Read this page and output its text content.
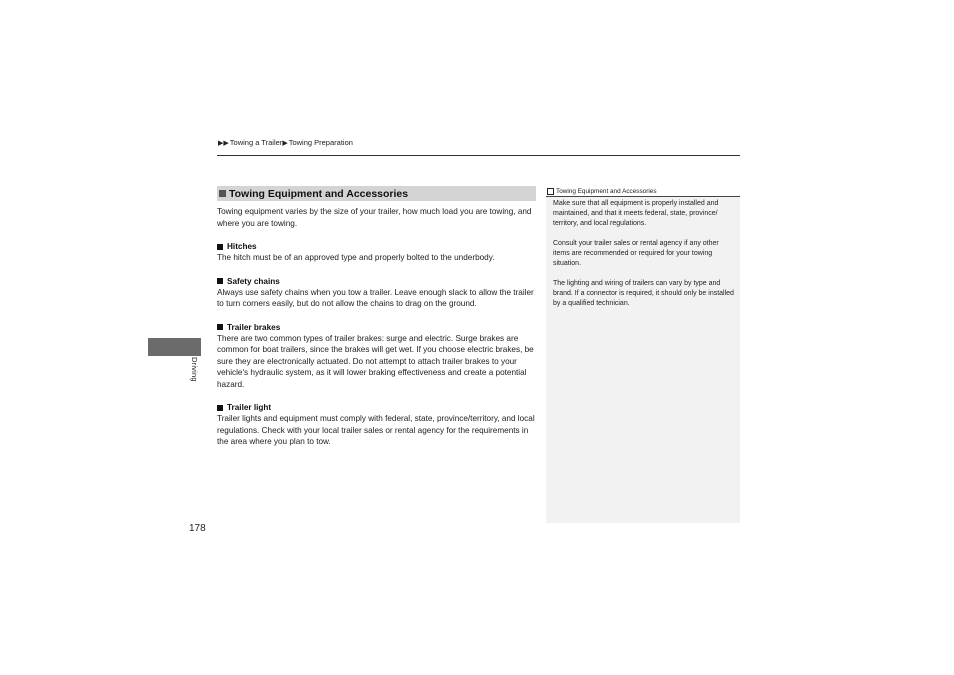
▶▶ Towing a Trailer ▶ Towing Preparation
Driving
Towing Equipment and Accessories

Towing equipment varies by the size of your trailer, how much load you are towing, and where you are towing.

Hitches

The hitch must be of an approved type and properly bolted to the underbody.

Safety chains

Always use safety chains when you tow a trailer. Leave enough slack to allow the trailer to turn corners easily, but do not allow the chains to drag on the ground.

Trailer brakes

There are two common types of trailer brakes: surge and electric. Surge brakes are common for boat trailers, since the brakes will get wet. If you choose electric brakes, be sure they are electronically actuated. Do not attempt to attach trailer brakes to your vehicle's hydraulic system, as it will lower braking effectiveness and create a potential hazard.

Trailer light

Trailer lights and equipment must comply with federal, state, province/territory, and local regulations. Check with your local trailer sales or rental agency for the requirements in the area where you plan to tow.

Towing Equipment and Accessories

Make sure that all equipment is properly installed and maintained, and that it meets federal, state, province/ territory, and local regulations.

Consult your trailer sales or rental agency if any other items are recommended or required for your towing situation.

The lighting and wiring of trailers can vary by type and brand. If a connector is required, it should only be installed by a qualified technician.

178
